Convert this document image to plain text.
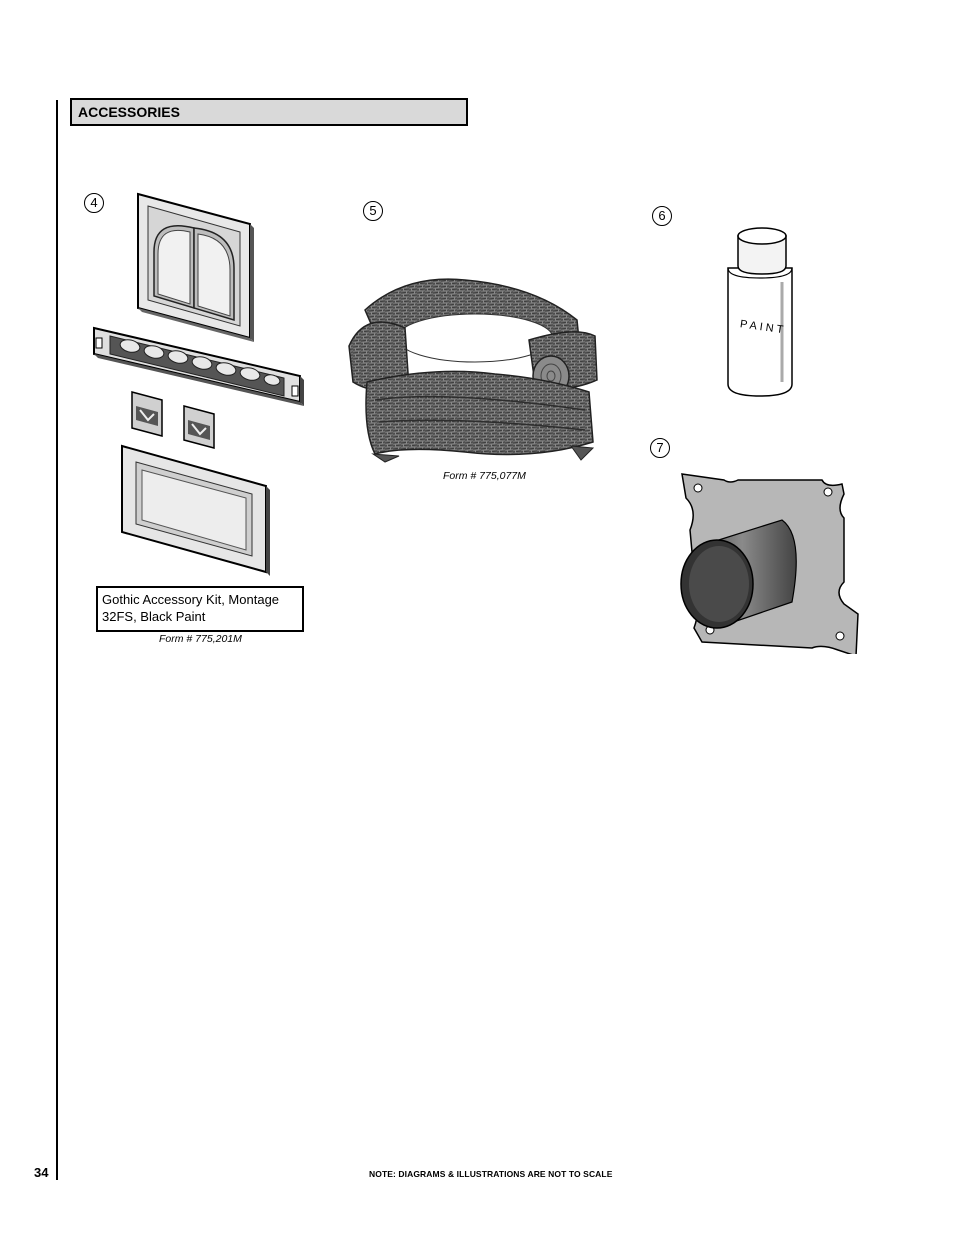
ACCESSORIES
4
Gothic Accessory Kit, Montage 32FS, Black Paint
Form # 775,201M
5
Form # 775,077M
6
PAINT
7
34	NOTE: DIAGRAMS & ILLUSTRATIONS ARE NOT TO SCALE
